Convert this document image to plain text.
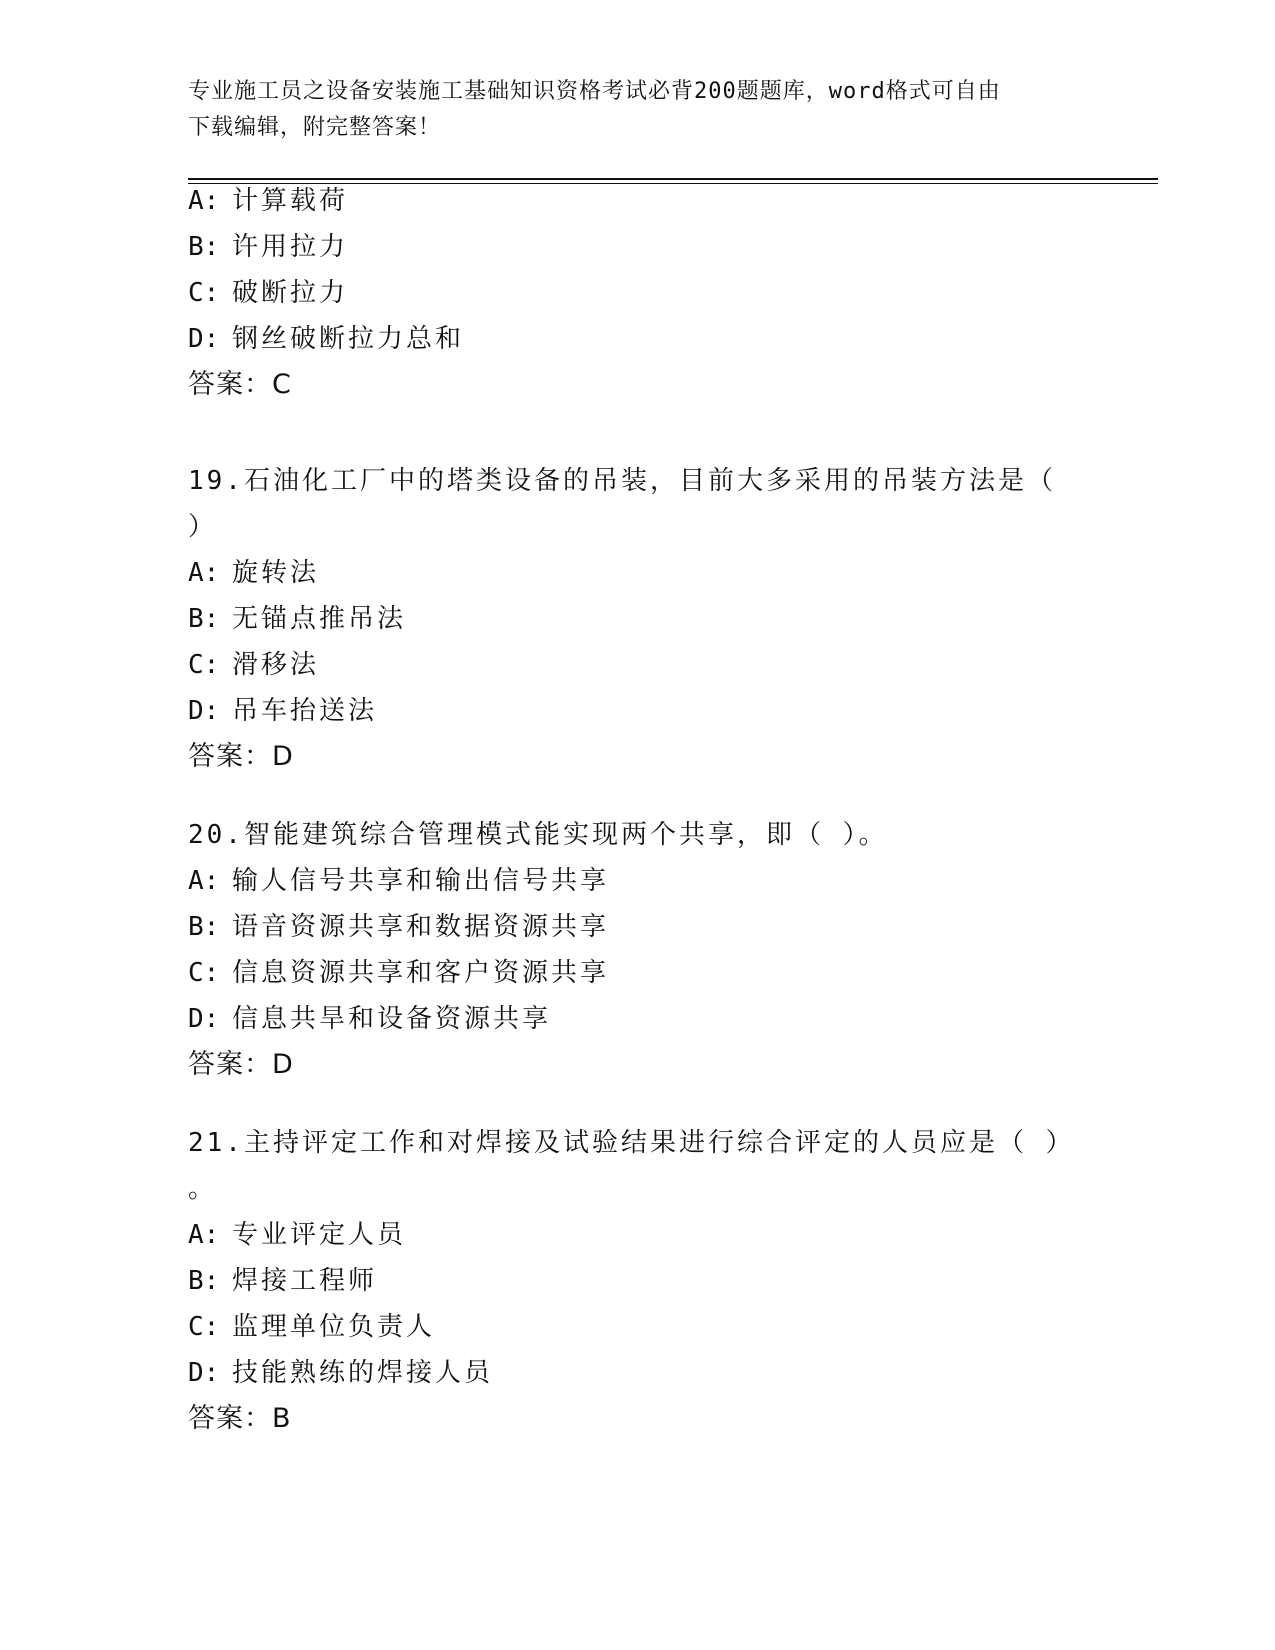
专业施工员之设备安装施工基础知识资格考试必背200题题库，word格式可自由
下载编辑，附完整答案！

A: 计算载荷

B: 许用拉力

C: 破断拉力

D: 钢丝破断拉力总和

答案：C

19.石油化工厂中的塔类设备的吊装，目前大多采用的吊装方法是（

）

A: 旋转法

B: 无锚点推吊法

C: 滑移法

D: 吊车抬送法

答案：D

20.智能建筑综合管理模式能实现两个共享，即（ ）。

A: 输人信号共享和输出信号共享

B: 语音资源共享和数据资源共享

C: 信息资源共享和客户资源共享

D: 信息共旱和设备资源共享

答案：D

21.主持评定工作和对焊接及试验结果进行综合评定的人员应是（ ）

。

A: 专业评定人员

B: 焊接工程师

C: 监理单位负责人

D: 技能熟练的焊接人员

答案：B
